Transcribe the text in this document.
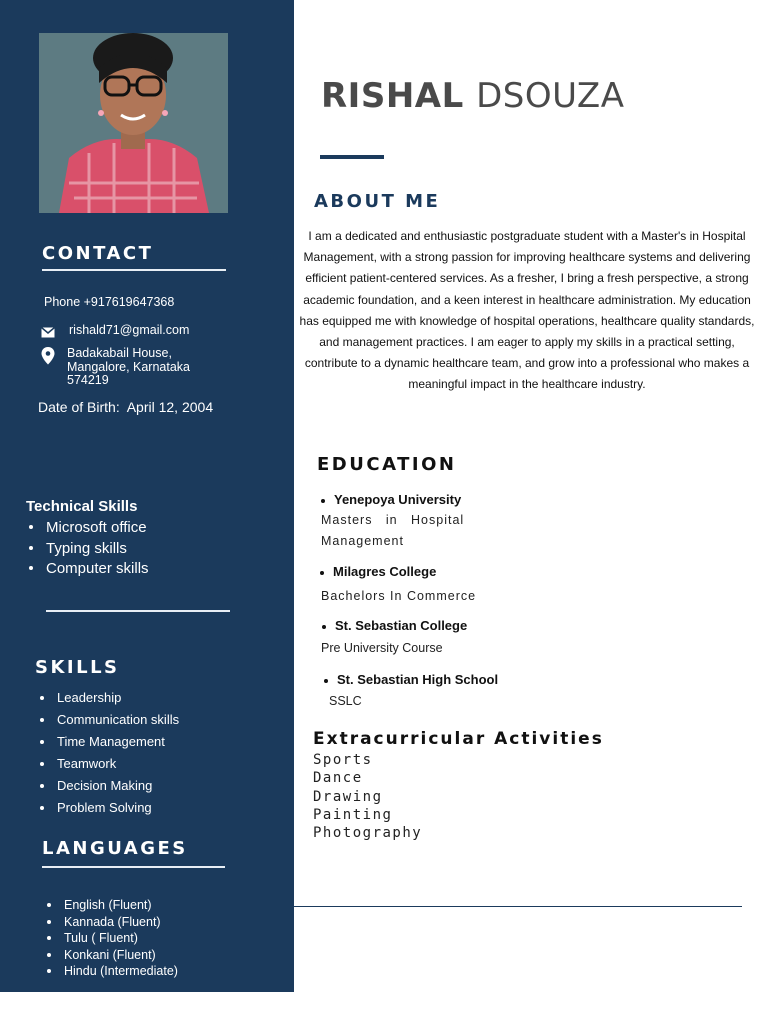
CONTACT
Phone +917619647368
rishald71@gmail.com
Badakabail House,
Mangalore, Karnataka
574219
Date of Birth:  April 12, 2004
Technical Skills
Microsoft office
Typing skills
Computer skills
SKILLS
Leadership
Communication skills
Time Management
Teamwork
Decision Making
Problem Solving
LANGUAGES
English (Fluent)
Kannada (Fluent)
Tulu ( Fluent)
Konkani (Fluent)
Hindu (Intermediate)
RISHAL DSOUZA
ABOUT ME
I am a dedicated and enthusiastic postgraduate student with a Master's in Hospital
Management, with a strong passion for improving healthcare systems and delivering
efficient patient-centered services. As a fresher, I bring a fresh perspective, a strong
academic foundation, and a keen interest in healthcare administration. My education
has equipped me with knowledge of hospital operations, healthcare quality standards,
and management practices. I am eager to apply my skills in a practical setting,
contribute to a dynamic healthcare team, and grow into a professional who makes a
meaningful impact in the healthcare industry.
EDUCATION
Yenepoya University
Masters   in   Hospital
Management
Milagres College
Bachelors In Commerce
St. Sebastian College
Pre University Course
St. Sebastian High School
SSLC
Extracurricular Activities
Sports
Dance
Drawing
Painting
Photography
